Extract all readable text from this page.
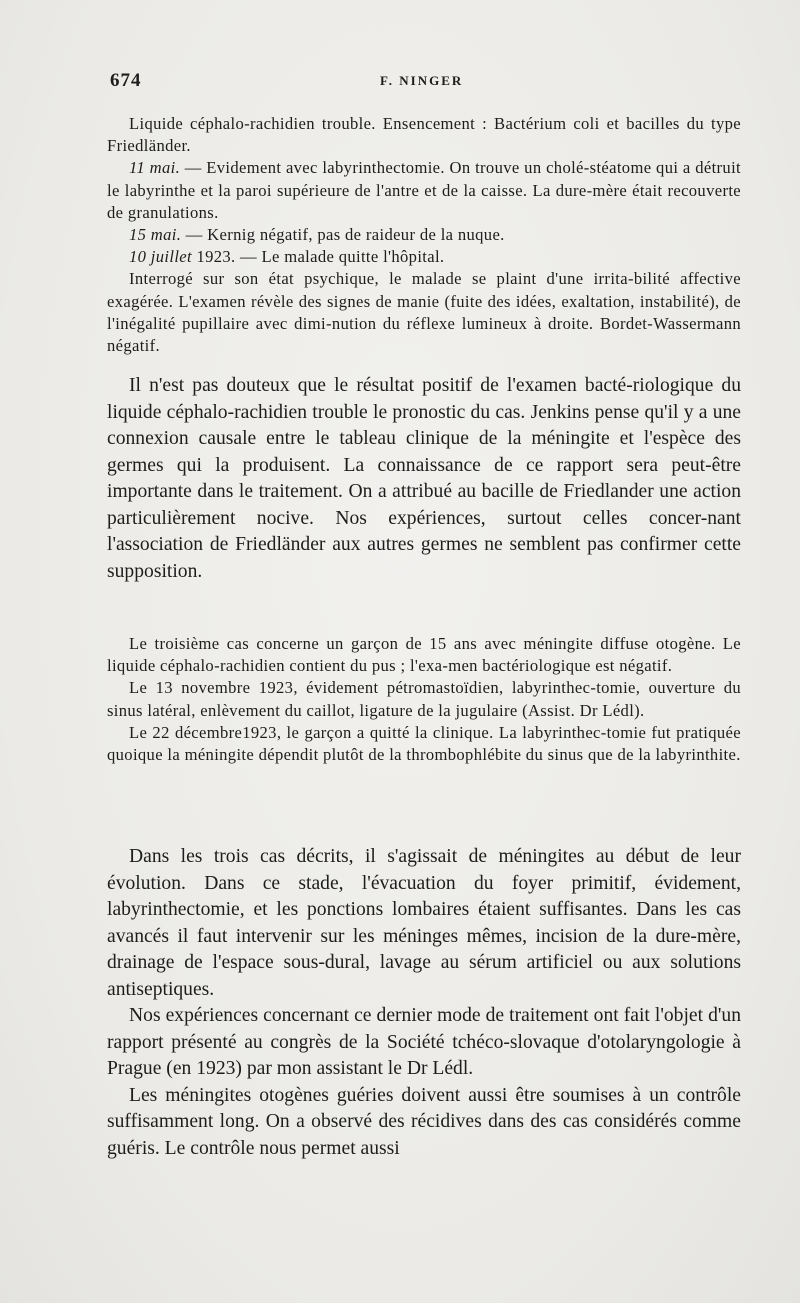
674	F. NINGER

Liquide céphalo-rachidien trouble. Ensencement : Bactérium coli et bacilles du type Friedländer.

11 mai. — Evidement avec labyrinthectomie. On trouve un cholé-stéatome qui a détruit le labyrinthe et la paroi supérieure de l'antre et de la caisse. La dure-mère était recouverte de granulations.

15 mai. — Kernig négatif, pas de raideur de la nuque.

10 juillet 1923. — Le malade quitte l'hôpital.

Interrogé sur son état psychique, le malade se plaint d'une irrita-bilité affective exagérée. L'examen révèle des signes de manie (fuite des idées, exaltation, instabilité), de l'inégalité pupillaire avec dimi-nution du réflexe lumineux à droite. Bordet-Wassermann négatif.

Il n'est pas douteux que le résultat positif de l'examen bacté-riologique du liquide céphalo-rachidien trouble le pronostic du cas. Jenkins pense qu'il y a une connexion causale entre le tableau clinique de la méningite et l'espèce des germes qui la produisent. La connaissance de ce rapport sera peut-être importante dans le traitement. On a attribué au bacille de Friedlander une action particulièrement nocive. Nos expériences, surtout celles concer-nant l'association de Friedländer aux autres germes ne semblent pas confirmer cette supposition.

Le troisième cas concerne un garçon de 15 ans avec méningite diffuse otogène. Le liquide céphalo-rachidien contient du pus ; l'exa-men bactériologique est négatif.

Le 13 novembre 1923, évidement pétromastoïdien, labyrinthec-tomie, ouverture du sinus latéral, enlèvement du caillot, ligature de la jugulaire (Assist. Dr Lédl).

Le 22 décembre1923, le garçon a quitté la clinique. La labyrinthec-tomie fut pratiquée quoique la méningite dépendit plutôt de la thrombophlébite du sinus que de la labyrinthite.

Dans les trois cas décrits, il s'agissait de méningites au début de leur évolution. Dans ce stade, l'évacuation du foyer primitif, évidement, labyrinthectomie, et les ponctions lombaires étaient suffisantes. Dans les cas avancés il faut intervenir sur les méninges mêmes, incision de la dure-mère, drainage de l'espace sous-dural, lavage au sérum artificiel ou aux solutions antiseptiques.

Nos expériences concernant ce dernier mode de traitement ont fait l'objet d'un rapport présenté au congrès de la Société tchéco-slovaque d'otolaryngologie à Prague (en 1923) par mon assistant le Dr Lédl.

Les méningites otogènes guéries doivent aussi être soumises à un contrôle suffisamment long. On a observé des récidives dans des cas considérés comme guéris. Le contrôle nous permet aussi
